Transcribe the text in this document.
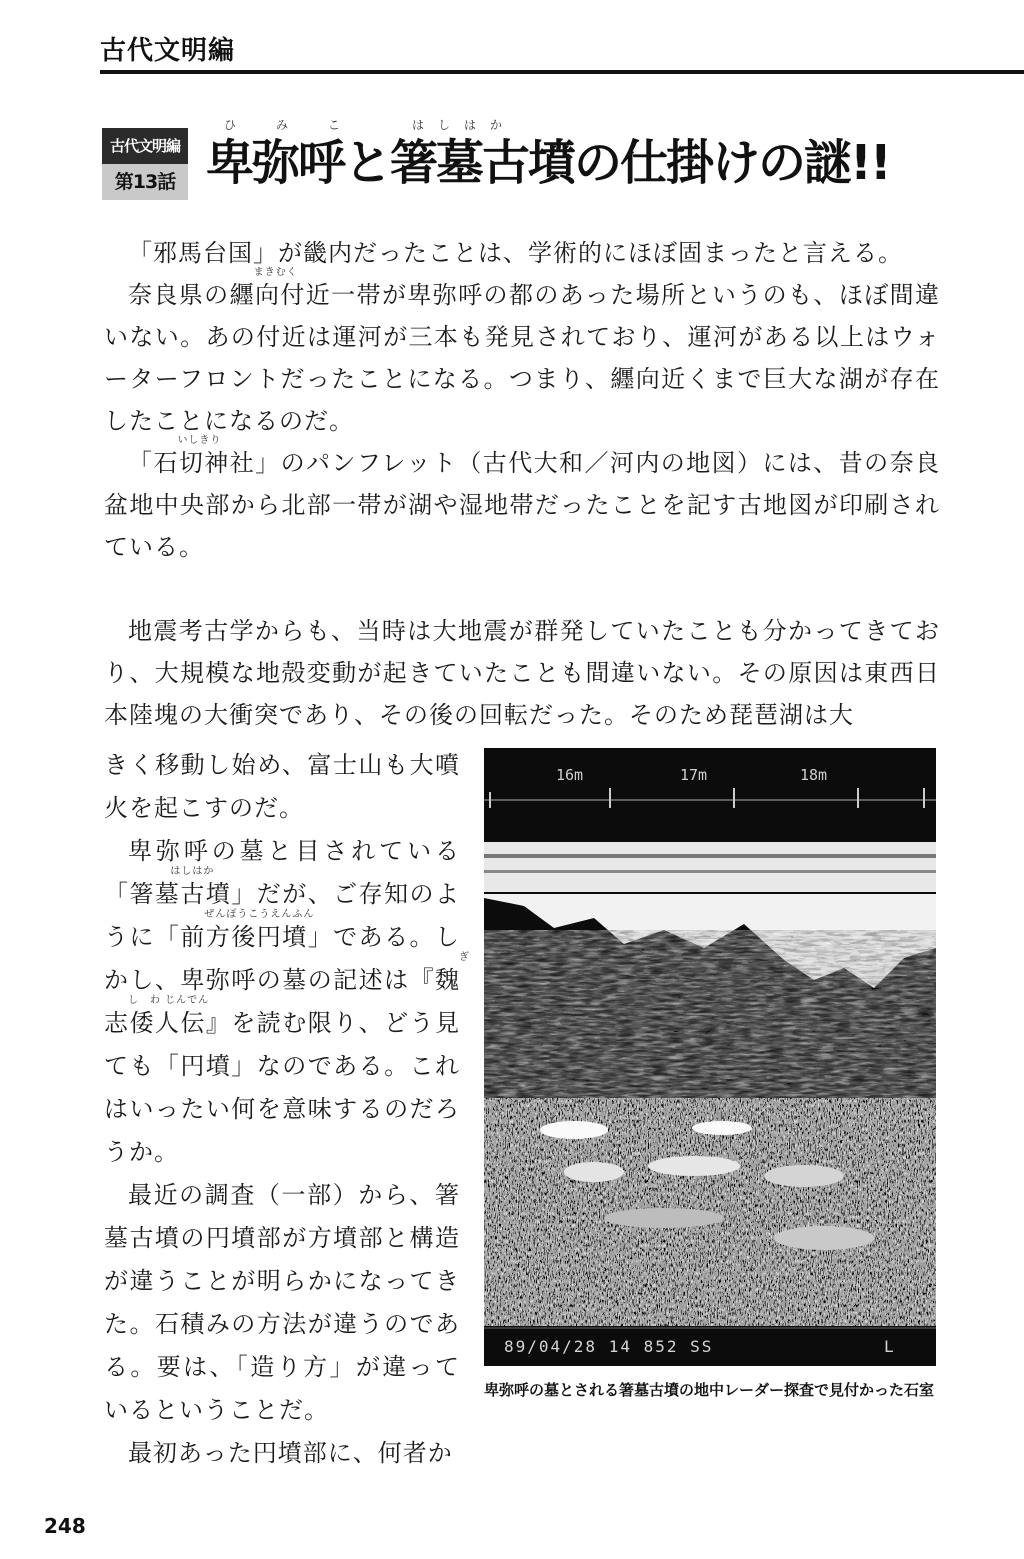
古代文明編
古代文明編
第13話
ひ　み　こ	はしはか
卑弥呼と箸墓古墳の仕掛けの謎!!

「邪馬台国」が畿内だったことは、学術的にほぼ固まったと言える。

奈良県の
まきむく
纒向付近一帯が卑弥呼の都のあった場所というのも、ほぼ間違いない。あの付近は運河が三本も発見されており、運河がある以上はウォーターフロントだったことになる。つまり、纒向近くまで巨大な湖が存在したことになるのだ。

「
いしきり
石切神社」のパンフレット（古代大和／河内の地図）には、昔の奈良盆地中央部から北部一帯が湖や湿地帯だったことを記す古地図が印刷されている。

地震考古学からも、当時は大地震が群発していたことも分かってきており、大規模な地殻変動が起きていたことも間違いない。その原因は東西日本陸塊の大衝突であり、その後の回転だった。そのため琵琶湖は大

きく移動し始め、富士山も大噴火を起こすのだ。

卑弥呼の墓と目されている「
はしはか
箸墓古墳」だが、ご存知のように「
ぜんぽうこうえんふん
前方後円墳」である。しかし、卑弥呼の墓の記述は『
ぎ
魏
し　わ じんでん
志倭人伝』を読む限り、どう見ても「円墳」なのである。これはいったい何を意味するのだろうか。

最近の調査（一部）から、箸墓古墳の円墳部が方墳部と構造が違うことが明らかになってきた。石積みの方法が違うのである。要は、「造り方」が違っているということだ。

最初あった円墳部に、何者か

16m	17m	18m
89/04/28 14 852 SS	L
卑弥呼の墓とされる箸墓古墳の地中レーダー探査で見付かった石室
248
